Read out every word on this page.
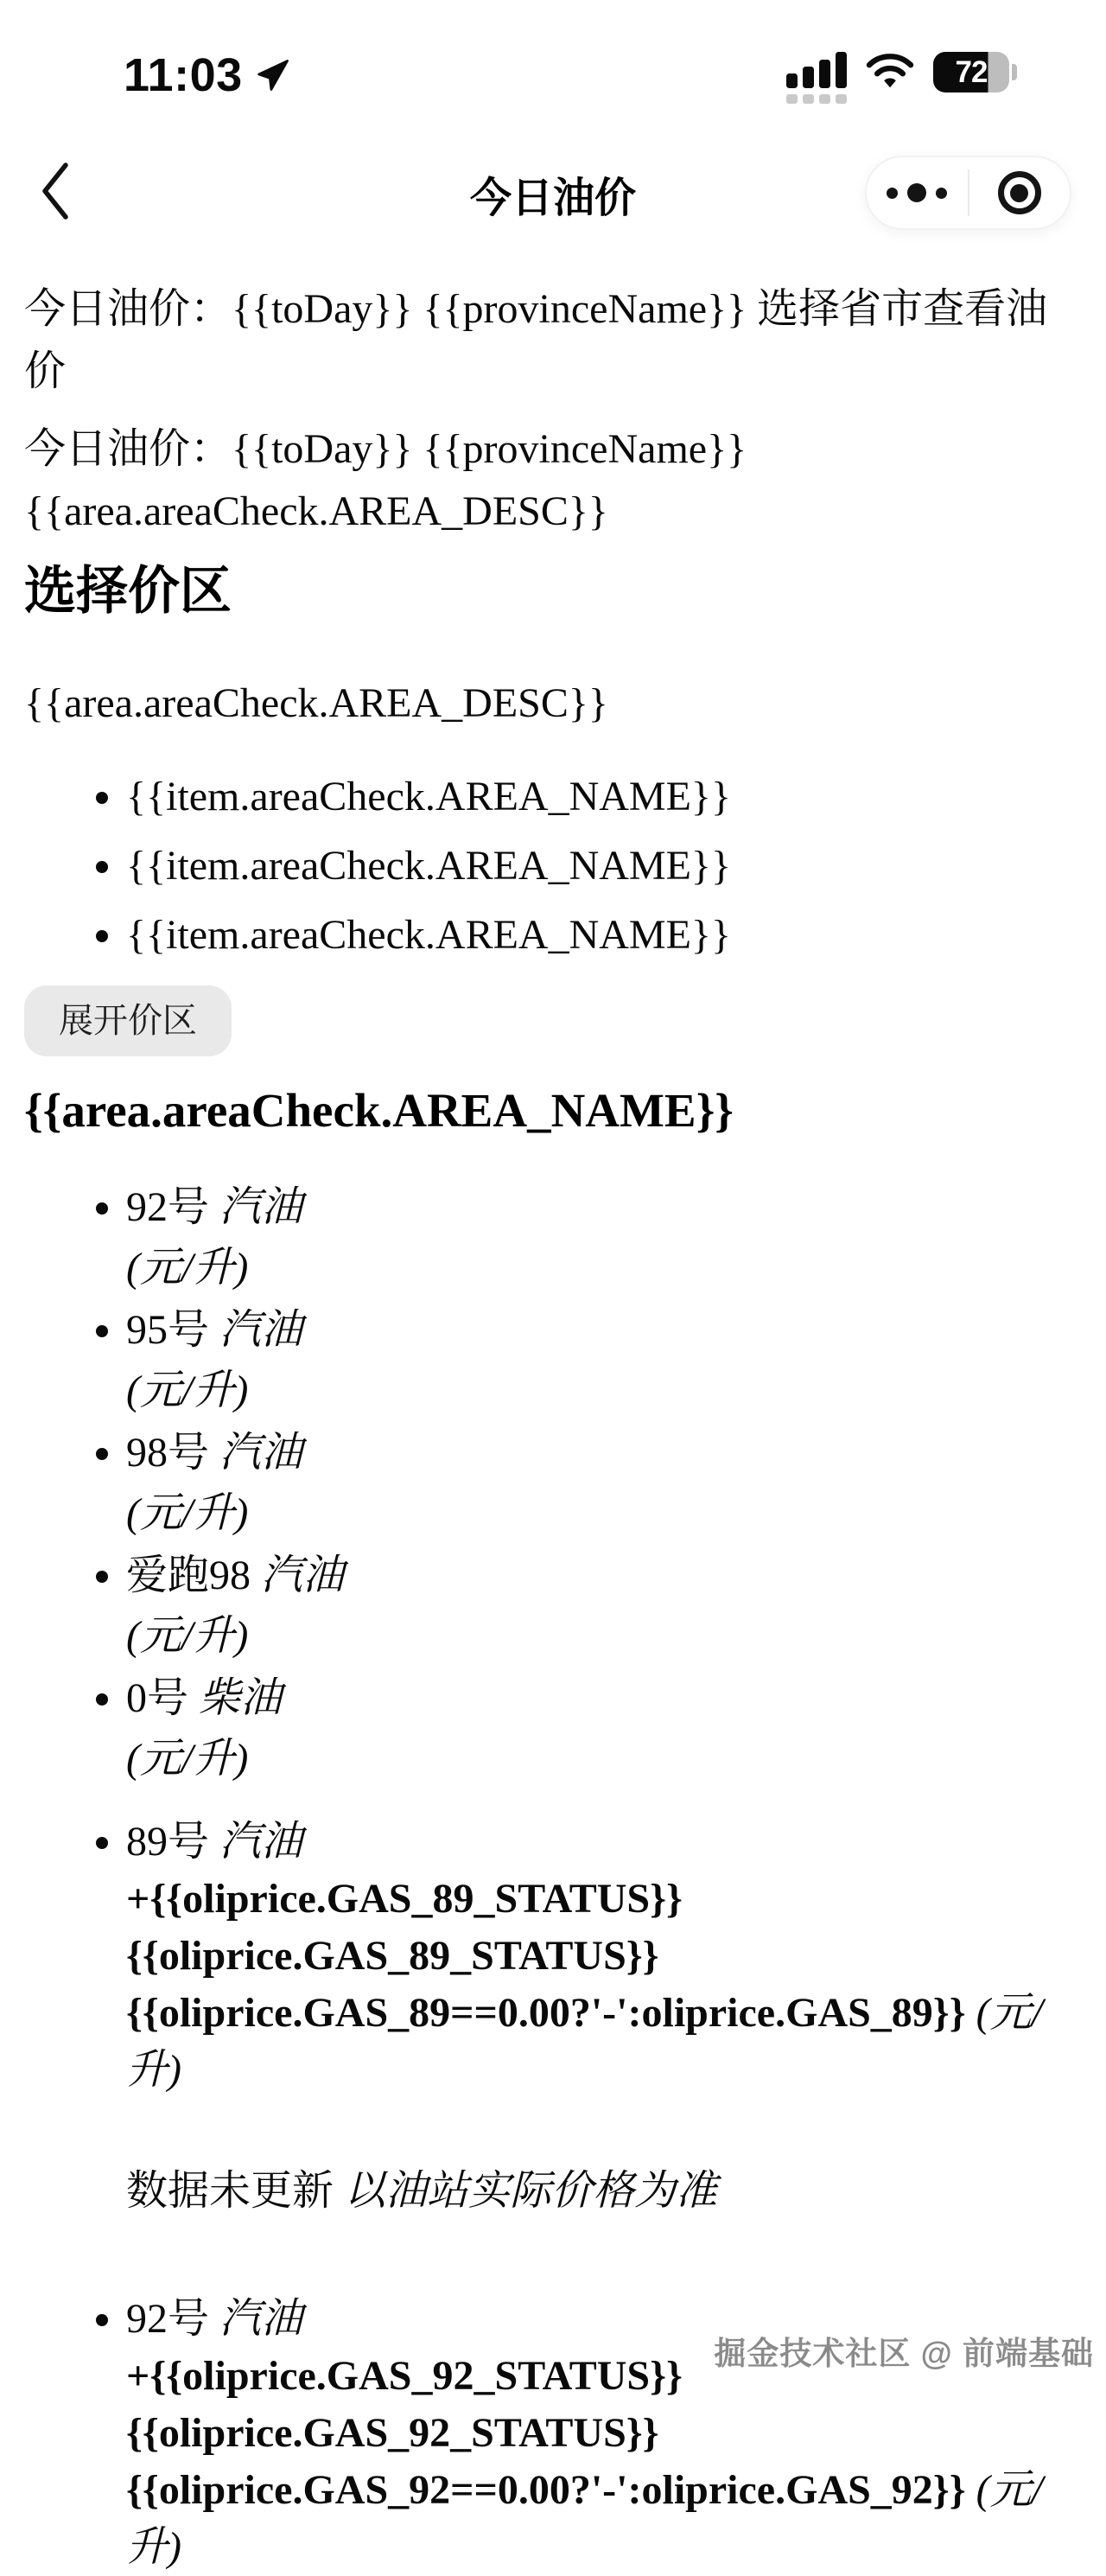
11:03	72
今日油价
今日油价：{{toDay}} {{provinceName}} 选择省市查看油价
今日油价：{{toDay}} {{provinceName}} {{area.areaCheck.AREA_DESC}}
选择价区
{{area.areaCheck.AREA_DESC}}
• {{item.areaCheck.AREA_NAME}}
• {{item.areaCheck.AREA_NAME}}
• {{item.areaCheck.AREA_NAME}}
展开价区
{{area.areaCheck.AREA_NAME}}
• 92号 汽油
(元/升)
• 95号 汽油
(元/升)
• 98号 汽油
(元/升)
• 爱跑98 汽油
(元/升)
• 0号 柴油
(元/升)
• 89号 汽油
+{{oliprice.GAS_89_STATUS}}
{{oliprice.GAS_89_STATUS}}
{{oliprice.GAS_89==0.00?'-':oliprice.GAS_89}} (元/升)
数据未更新 以油站实际价格为准
• 92号 汽油
+{{oliprice.GAS_92_STATUS}}
{{oliprice.GAS_92_STATUS}}
{{oliprice.GAS_92==0.00?'-':oliprice.GAS_92}} (元/升)
掘金技术社区 @ 前端基础
